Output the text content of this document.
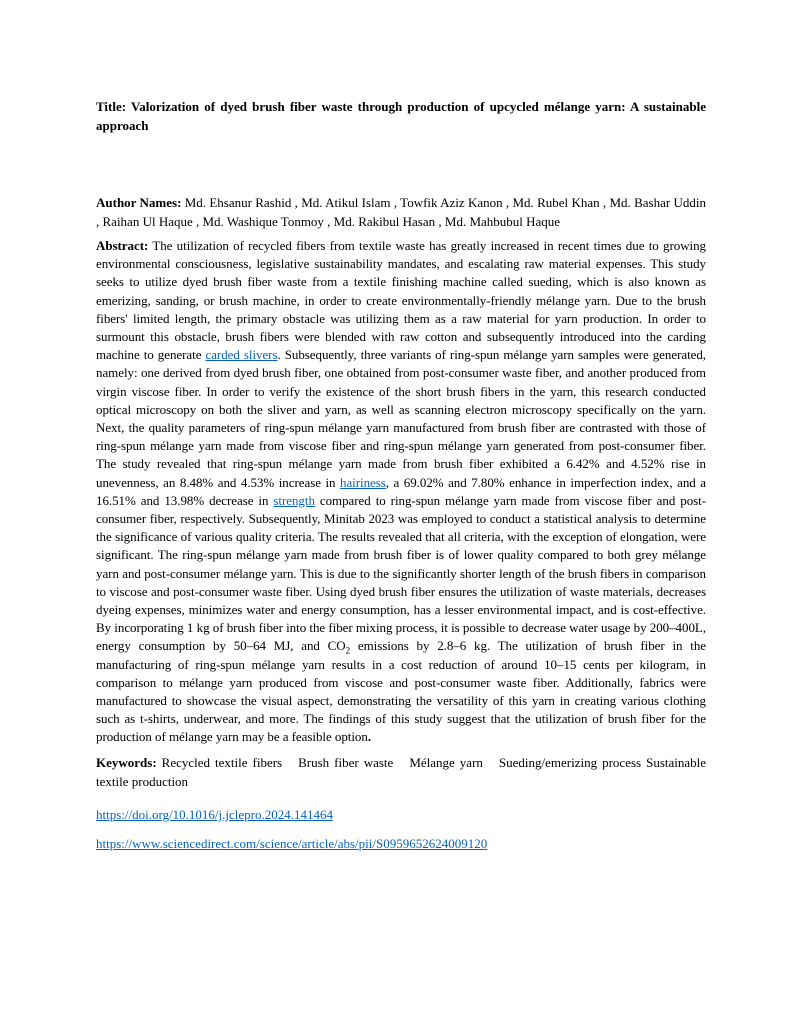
Title: Valorization of dyed brush fiber waste through production of upcycled mélange yarn: A sustainable approach

Author Names: Md. Ehsanur Rashid , Md. Atikul Islam , Towfik Aziz Kanon , Md. Rubel Khan , Md. Bashar Uddin , Raihan Ul Haque , Md. Washique Tonmoy , Md. Rakibul Hasan , Md. Mahbubul Haque

Abstract: The utilization of recycled fibers from textile waste has greatly increased in recent times due to growing environmental consciousness, legislative sustainability mandates, and escalating raw material expenses. This study seeks to utilize dyed brush fiber waste from a textile finishing machine called sueding, which is also known as emerizing, sanding, or brush machine, in order to create environmentally-friendly mélange yarn. Due to the brush fibers' limited length, the primary obstacle was utilizing them as a raw material for yarn production. In order to surmount this obstacle, brush fibers were blended with raw cotton and subsequently introduced into the carding machine to generate carded slivers. Subsequently, three variants of ring-spun mélange yarn samples were generated, namely: one derived from dyed brush fiber, one obtained from post-consumer waste fiber, and another produced from virgin viscose fiber. In order to verify the existence of the short brush fibers in the yarn, this research conducted optical microscopy on both the sliver and yarn, as well as scanning electron microscopy specifically on the yarn. Next, the quality parameters of ring-spun mélange yarn manufactured from brush fiber are contrasted with those of ring-spun mélange yarn made from viscose fiber and ring-spun mélange yarn generated from post-consumer fiber. The study revealed that ring-spun mélange yarn made from brush fiber exhibited a 6.42% and 4.52% rise in unevenness, an 8.48% and 4.53% increase in hairiness, a 69.02% and 7.80% enhance in imperfection index, and a 16.51% and 13.98% decrease in strength compared to ring-spun mélange yarn made from viscose fiber and post-consumer fiber, respectively. Subsequently, Minitab 2023 was employed to conduct a statistical analysis to determine the significance of various quality criteria. The results revealed that all criteria, with the exception of elongation, were significant. The ring-spun mélange yarn made from brush fiber is of lower quality compared to both grey mélange yarn and post-consumer mélange yarn. This is due to the significantly shorter length of the brush fibers in comparison to viscose and post-consumer waste fiber. Using dyed brush fiber ensures the utilization of waste materials, decreases dyeing expenses, minimizes water and energy consumption, has a lesser environmental impact, and is cost-effective. By incorporating 1 kg of brush fiber into the fiber mixing process, it is possible to decrease water usage by 200–400L, energy consumption by 50–64 MJ, and $CO_2$ emissions by 2.8–6 kg. The utilization of brush fiber in the manufacturing of ring-spun mélange yarn results in a cost reduction of around 10–15 cents per kilogram, in comparison to mélange yarn produced from viscose and post-consumer waste fiber. Additionally, fabrics were manufactured to showcase the visual aspect, demonstrating the versatility of this yarn in creating various clothing such as t-shirts, underwear, and more. The findings of this study suggest that the utilization of brush fiber for the production of mélange yarn may be a feasible option.

Keywords: Recycled textile fibers Brush fiber waste Mélange yarn Sueding/emerizing process Sustainable textile production

https://doi.org/10.1016/j.jclepro.2024.141464

https://www.sciencedirect.com/science/article/abs/pii/S0959652624009120
